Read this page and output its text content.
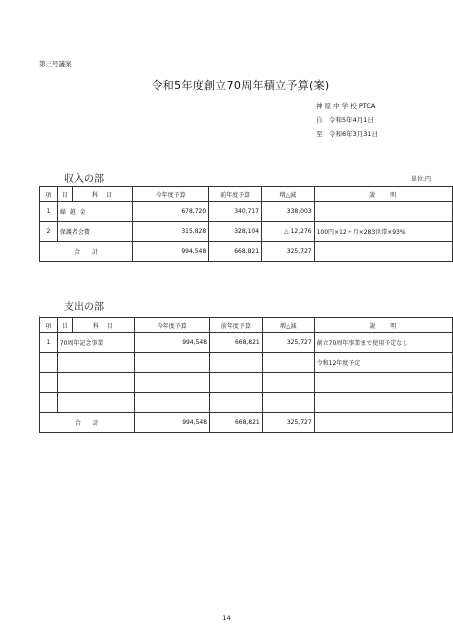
第三号議案
令和5年度創立70周年積立予算(案)
神 原 中 学 校 PTCA
自　令和5年4月1日
至　令和6年3月31日
収入の部	単位:円
項	目	科　目	今年度予算	前年度予算	増△減	説　　明
1	繰 越 金		678,720	340,717	338,003	
2	保護者会費		315,828	328,104	△ 12,276	100円×12ヶ月×283世帯×93%
合　　計			994,548	668,821	325,727	
、
支出の部
項	目	科　目	今年度予算	前年度予算	増△減	説　　明
1	70周年記念事業		994,548	668,821	325,727	創立70周年事業まで使用予定なし
						令和12年度予定

合　　計			994,548	668,821	325,727	
14
